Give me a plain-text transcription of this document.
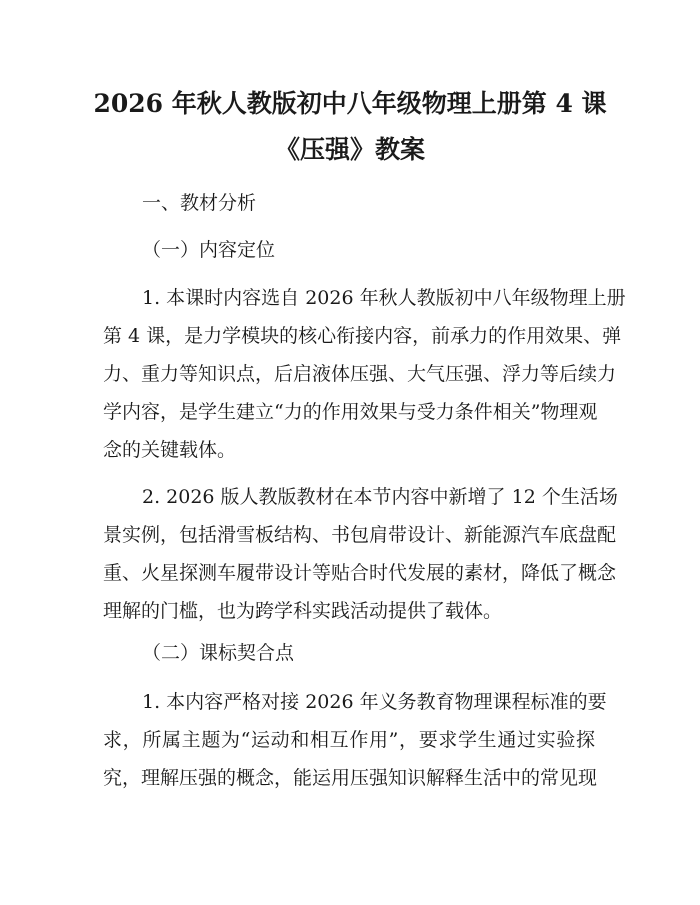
2026 年秋人教版初中八年级物理上册第 4 课
《压强》教案
一、教材分析
（一）内容定位
1. 本课时内容选自 2026 年秋人教版初中八年级物理上册
第 4 课，是力学模块的核心衔接内容，前承力的作用效果、弹
力、重力等知识点，后启液体压强、大气压强、浮力等后续力
学内容，是学生建立“力的作用效果与受力条件相关”物理观
念的关键载体。
2. 2026 版人教版教材在本节内容中新增了 12 个生活场
景实例，包括滑雪板结构、书包肩带设计、新能源汽车底盘配
重、火星探测车履带设计等贴合时代发展的素材，降低了概念
理解的门槛，也为跨学科实践活动提供了载体。
（二）课标契合点
1. 本内容严格对接 2026 年义务教育物理课程标准的要
求，所属主题为“运动和相互作用”，要求学生通过实验探
究，理解压强的概念，能运用压强知识解释生活中的常见现
